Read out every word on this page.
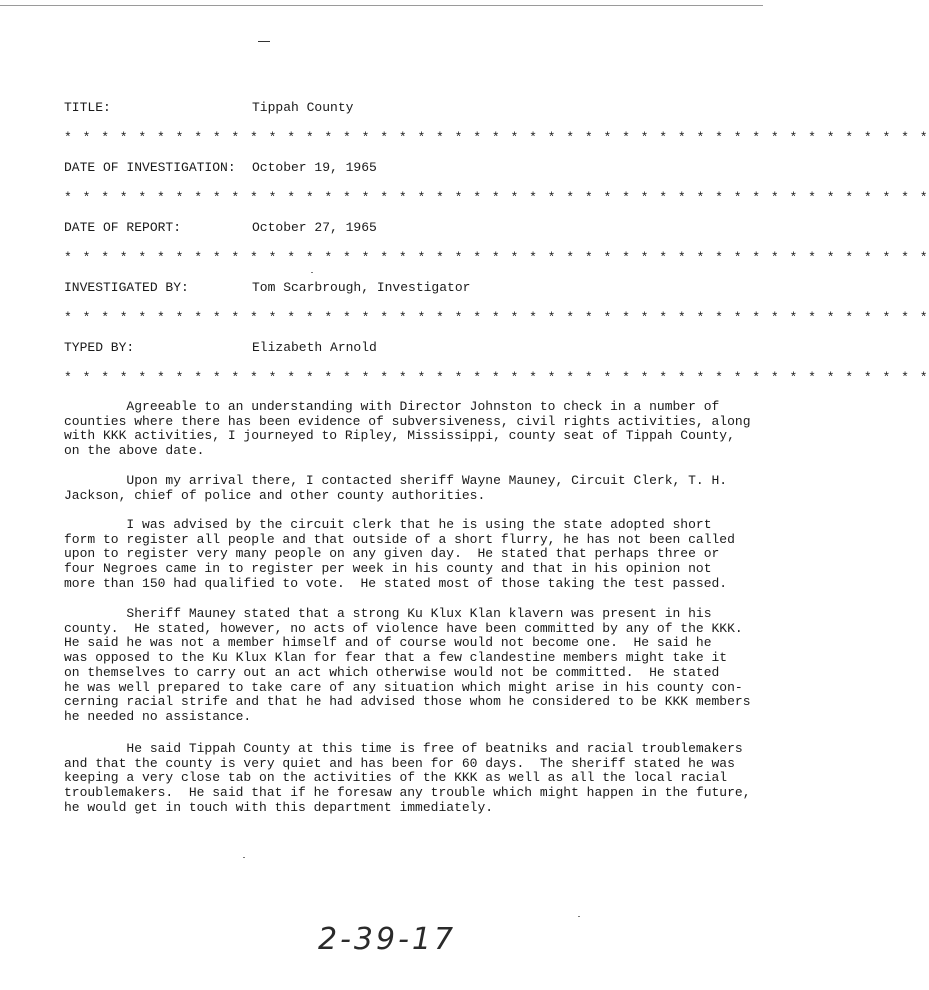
TITLE:	Tippah County
* * * * * * * * * * * * * * * * * * * * * * * * * * * * * * * * * * * * * * * * * * * * * * *
DATE OF INVESTIGATION: October 19, 1965
* * * * * * * * * * * * * * * * * * * * * * * * * * * * * * * * * * * * * * * * * * * * * * *
DATE OF REPORT:	October 27, 1965
* * * * * * * * * * * * * * * * * * * * * * * * * * * * * * * * * * * * * * * * * * * * * * *
INVESTIGATED BY:	Tom Scarbrough, Investigator
* * * * * * * * * * * * * * * * * * * * * * * * * * * * * * * * * * * * * * * * * * * * * * *
TYPED BY:	Elizabeth Arnold
* * * * * * * * * * * * * * * * * * * * * * * * * * * * * * * * * * * * * * * * * * * * * * *
Agreeable to an understanding with Director Johnston to check in a number of
counties where there has been evidence of subversiveness, civil rights activities, along
with KKK activities, I journeyed to Ripley, Mississippi, county seat of Tippah County,
on the above date.
Upon my arrival there, I contacted sheriff Wayne Mauney, Circuit Clerk, T. H.
Jackson, chief of police and other county authorities.
I was advised by the circuit clerk that he is using the state adopted short
form to register all people and that outside of a short flurry, he has not been called
upon to register very many people on any given day.  He stated that perhaps three or
four Negroes came in to register per week in his county and that in his opinion not
more than 150 had qualified to vote.  He stated most of those taking the test passed.
Sheriff Mauney stated that a strong Ku Klux Klan klavern was present in his
county.  He stated, however, no acts of violence have been committed by any of the KKK.
He said he was not a member himself and of course would not become one.  He said he
was opposed to the Ku Klux Klan for fear that a few clandestine members might take it
on themselves to carry out an act which otherwise would not be committed.  He stated
he was well prepared to take care of any situation which might arise in his county con-
cerning racial strife and that he had advised those whom he considered to be KKK members
he needed no assistance.
He said Tippah County at this time is free of beatniks and racial troublemakers
and that the county is very quiet and has been for 60 days.  The sheriff stated he was
keeping a very close tab on the activities of the KKK as well as all the local racial
troublemakers.  He said that if he foresaw any trouble which might happen in the future,
he would get in touch with this department immediately.
2-39-17
